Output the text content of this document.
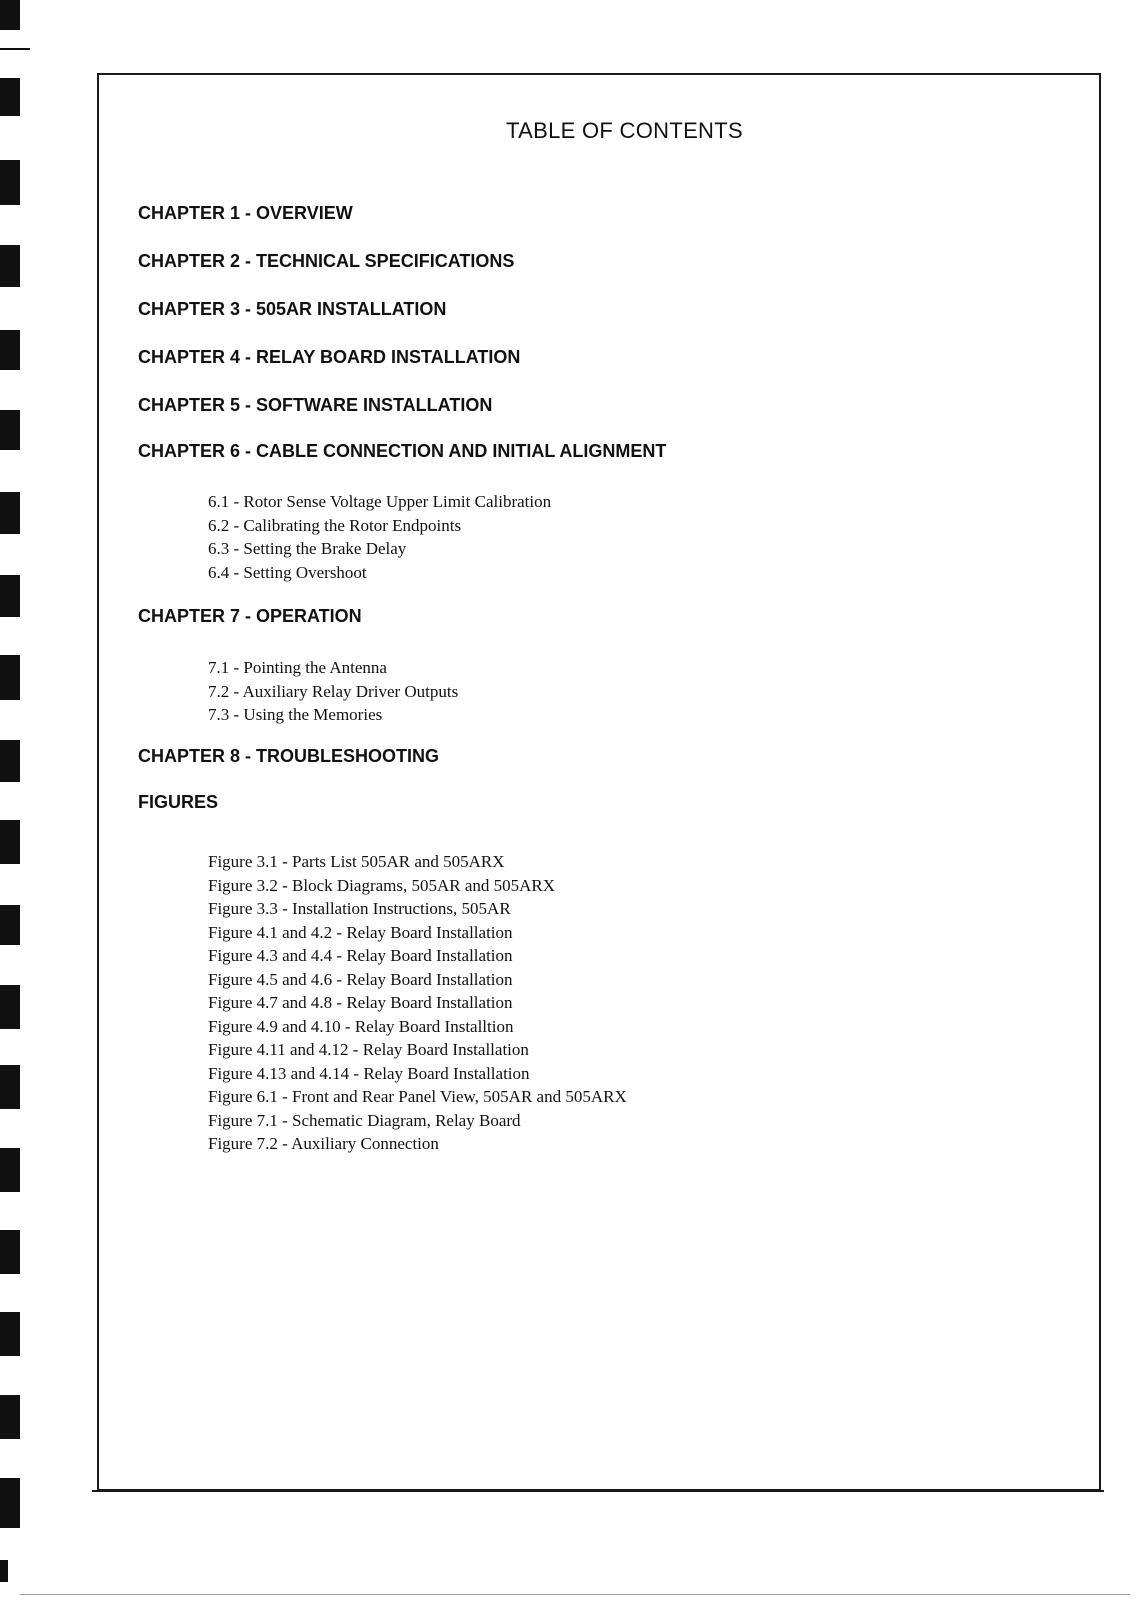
TABLE OF CONTENTS
CHAPTER 1 - OVERVIEW
CHAPTER 2 - TECHNICAL SPECIFICATIONS
CHAPTER 3 - 505AR INSTALLATION
CHAPTER 4 - RELAY BOARD INSTALLATION
CHAPTER 5 - SOFTWARE INSTALLATION
CHAPTER 6 - CABLE CONNECTION AND INITIAL ALIGNMENT
6.1 - Rotor Sense Voltage Upper Limit Calibration
6.2 - Calibrating the Rotor Endpoints
6.3 - Setting the Brake Delay
6.4 - Setting Overshoot
CHAPTER 7 - OPERATION
7.1 - Pointing the Antenna
7.2 - Auxiliary Relay Driver Outputs
7.3 - Using the Memories
CHAPTER 8 - TROUBLESHOOTING
FIGURES
Figure 3.1 - Parts List 505AR and 505ARX
Figure 3.2 - Block Diagrams, 505AR and 505ARX
Figure 3.3 - Installation Instructions, 505AR
Figure 4.1 and 4.2 - Relay Board Installation
Figure 4.3 and 4.4 - Relay Board Installation
Figure 4.5 and 4.6 - Relay Board Installation
Figure 4.7 and 4.8 - Relay Board Installation
Figure 4.9 and 4.10 - Relay Board Installtion
Figure 4.11 and 4.12 - Relay Board Installation
Figure 4.13 and 4.14 - Relay Board Installation
Figure 6.1 - Front and Rear Panel View, 505AR and 505ARX
Figure 7.1 - Schematic Diagram, Relay Board
Figure 7.2 - Auxiliary Connection
